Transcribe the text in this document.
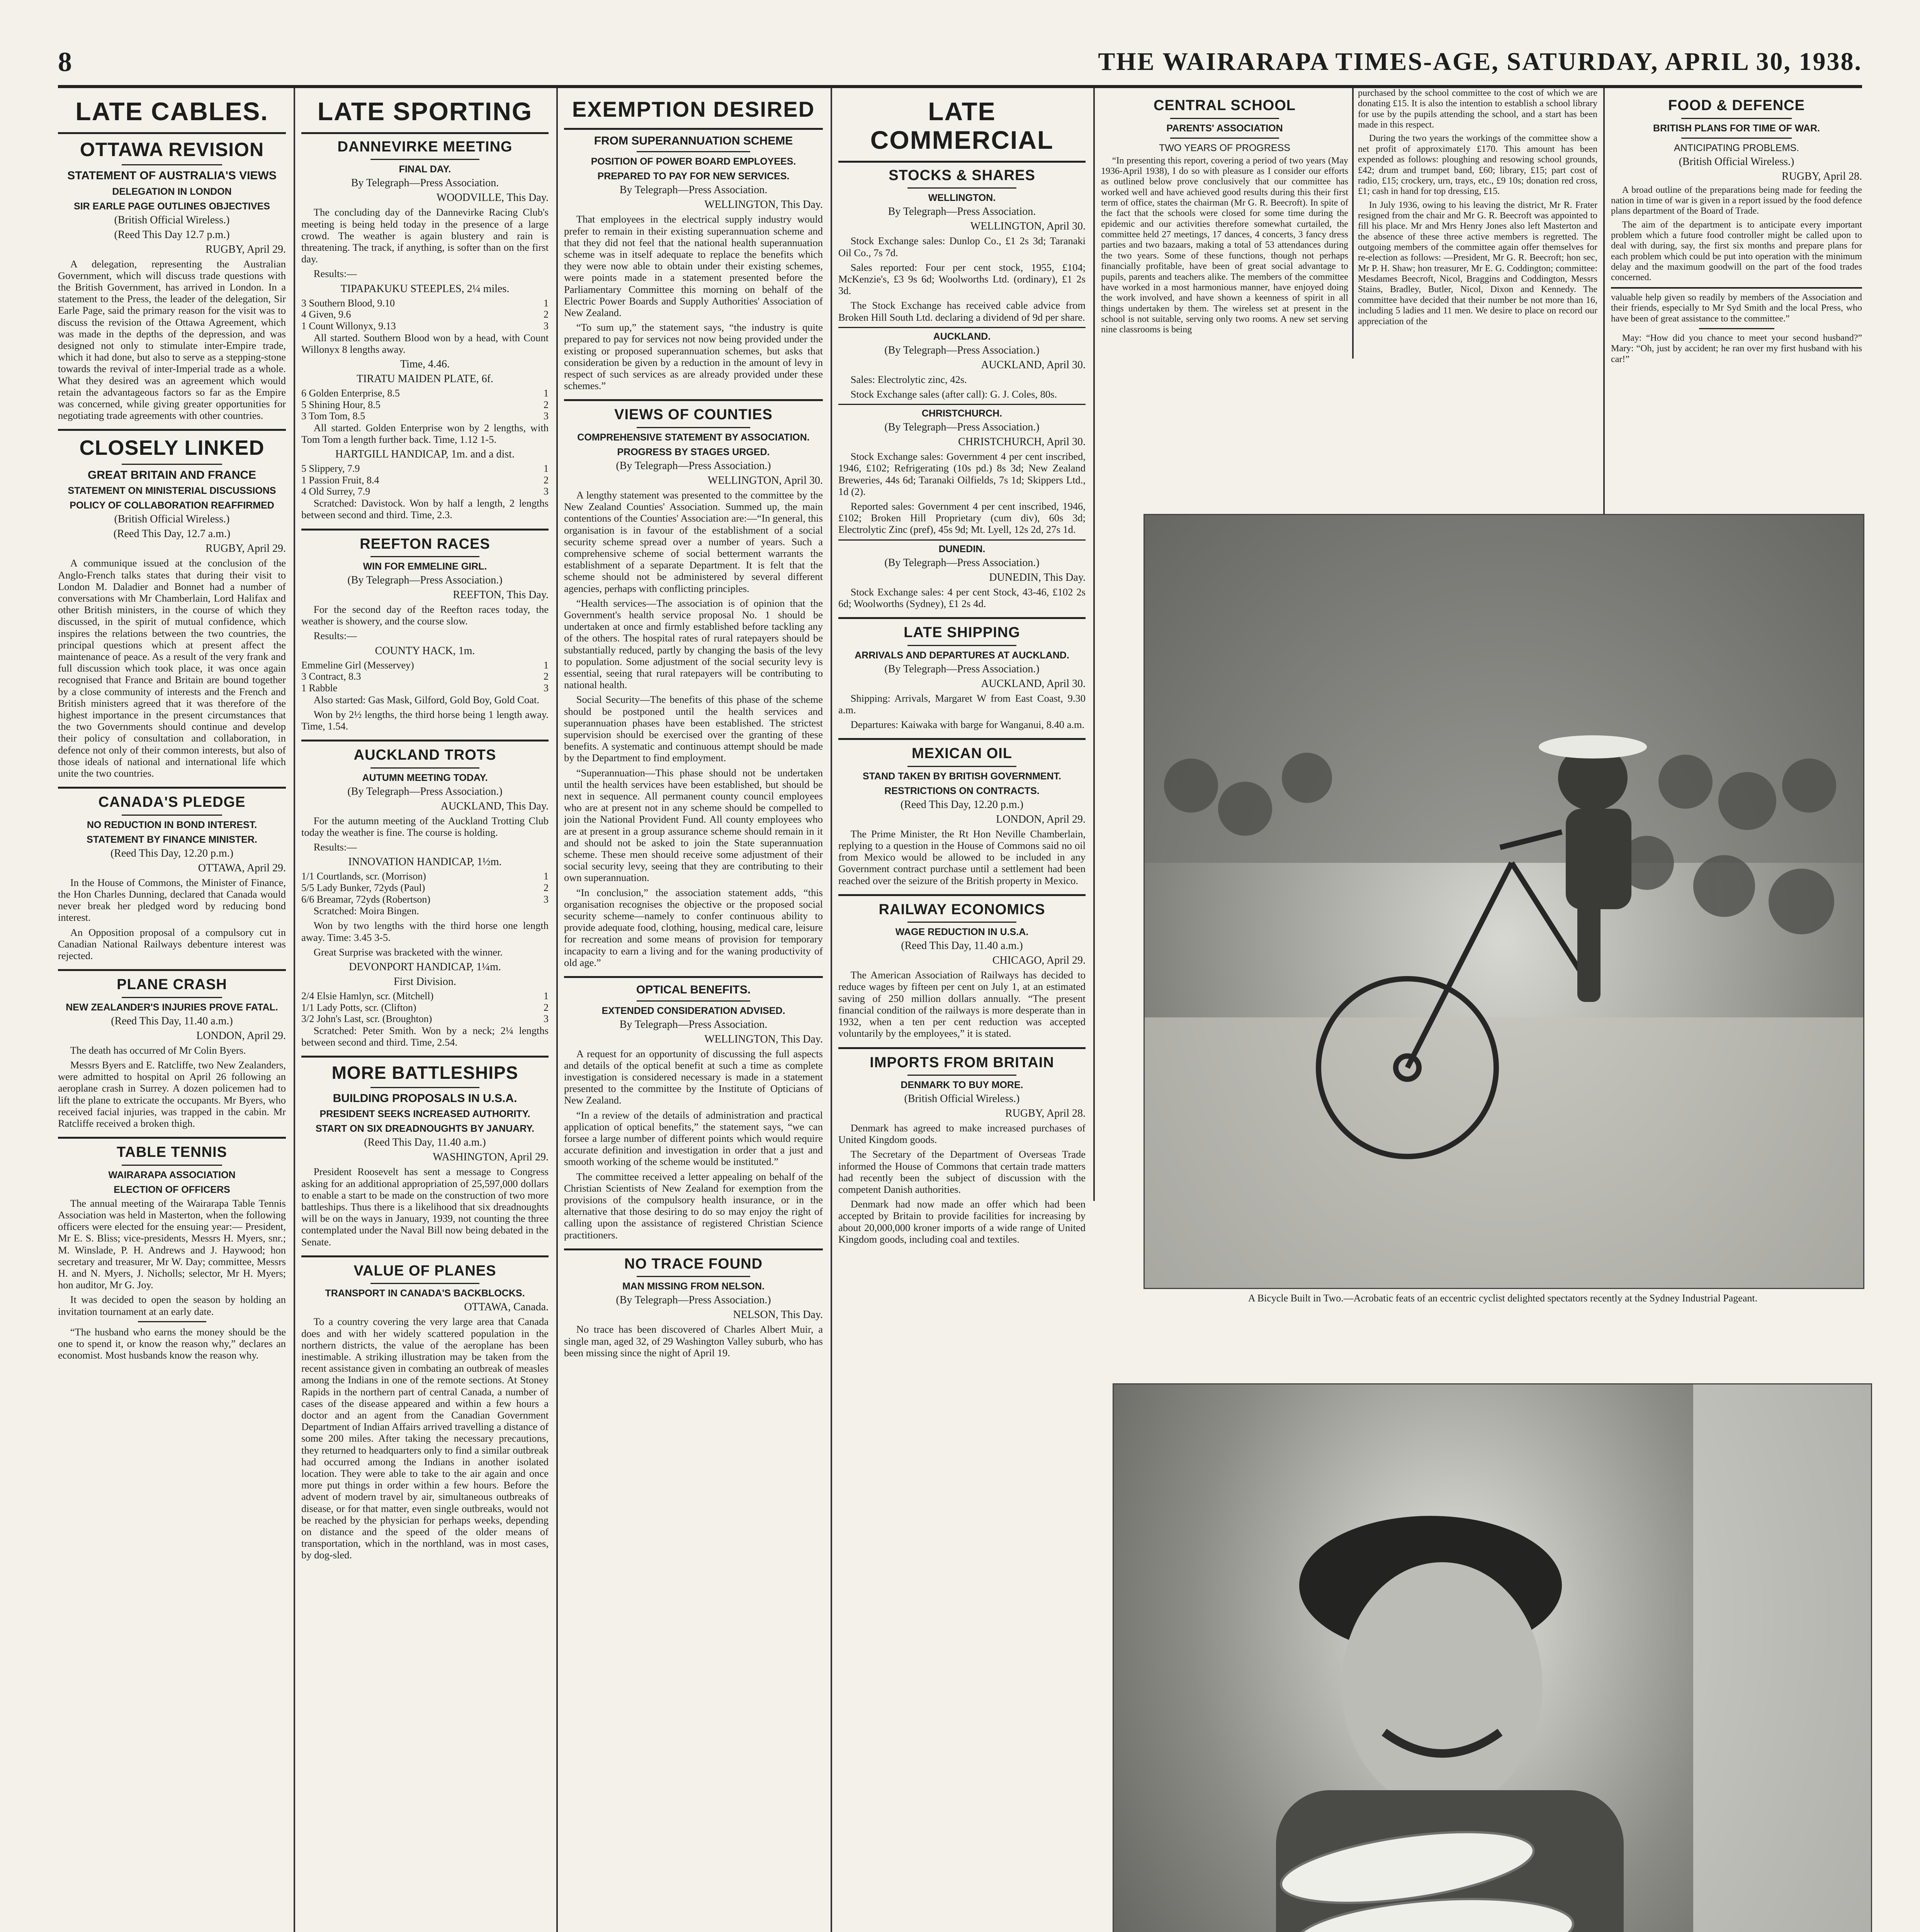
8	THE WAIRARAPA TIMES-AGE, SATURDAY, APRIL 30, 1938.
LATE CABLES.
OTTAWA REVISION
STATEMENT OF AUSTRALIA'S VIEWS
DELEGATION IN LONDON
SIR EARLE PAGE OUTLINES OBJECTIVES
(British Official Wireless.)
(Reed This Day 12.7 p.m.)
RUGBY, April 29.

A delegation, representing the Australian Government, which will discuss trade questions with the British Government, has arrived in London. In a statement to the Press, the leader of the delegation, Sir Earle Page, said the primary reason for the visit was to discuss the revision of the Ottawa Agreement, which was made in the depths of the depression, and was designed not only to stimulate inter-Empire trade, which it had done, but also to serve as a stepping-stone towards the revival of inter-Imperial trade as a whole. What they desired was an agreement which would retain the advantageous factors so far as the Empire was concerned, while giving greater opportunities for negotiating trade agreements with other countries.

CLOSELY LINKED
GREAT BRITAIN AND FRANCE
STATEMENT ON MINISTERIAL DISCUSSIONS
POLICY OF COLLABORATION REAFFIRMED
(British Official Wireless.)
(Reed This Day, 12.7 a.m.)
RUGBY, April 29.

A communique issued at the conclusion of the Anglo-French talks states that during their visit to London M. Daladier and Bonnet had a number of conversations with Mr Chamberlain, Lord Halifax and other British ministers, in the course of which they discussed, in the spirit of mutual confidence, which inspires the relations between the two countries, the principal questions which at present affect the maintenance of peace. As a result of the very frank and full discussion which took place, it was once again recognised that France and Britain are bound together by a close community of interests and the French and British ministers agreed that it was therefore of the highest importance in the present circumstances that the two Governments should continue and develop their policy of consultation and collaboration, in defence not only of their common interests, but also of those ideals of national and international life which unite the two countries.

CANADA'S PLEDGE
NO REDUCTION IN BOND INTEREST.
STATEMENT BY FINANCE MINISTER.
(Reed This Day, 12.20 p.m.)
OTTAWA, April 29.

In the House of Commons, the Minister of Finance, the Hon Charles Dunning, declared that Canada would never break her pledged word by reducing bond interest.

An Opposition proposal of a compulsory cut in Canadian National Railways debenture interest was rejected.

PLANE CRASH
NEW ZEALANDER'S INJURIES PROVE FATAL.
(Reed This Day, 11.40 a.m.)
LONDON, April 29.

The death has occurred of Mr Colin Byers.

Messrs Byers and E. Ratcliffe, two New Zealanders, were admitted to hospital on April 26 following an aeroplane crash in Surrey. A dozen policemen had to lift the plane to extricate the occupants. Mr Byers, who received facial injuries, was trapped in the cabin. Mr Ratcliffe received a broken thigh.

TABLE TENNIS
WAIRARAPA ASSOCIATION
ELECTION OF OFFICERS

The annual meeting of the Wairarapa Table Tennis Association was held in Masterton, when the following officers were elected for the ensuing year:— President, Mr E. S. Bliss; vice-presidents, Messrs H. Myers, snr.; M. Winslade, P. H. Andrews and J. Haywood; hon secretary and treasurer, Mr W. Day; committee, Messrs H. and N. Myers, J. Nicholls; selector, Mr H. Myers; hon auditor, Mr G. Joy.

It was decided to open the season by holding an invitation tournament at an early date.

“The husband who earns the money should be the one to spend it, or know the reason why,” declares an economist. Most husbands know the reason why.

LATE SPORTING
DANNEVIRKE MEETING
FINAL DAY.
By Telegraph—Press Association.
WOODVILLE, This Day.

The concluding day of the Dannevirke Racing Club's meeting is being held today in the presence of a large crowd. The weather is again blustery and rain is threatening. The track, if anything, is softer than on the first day.

Results:—

TIPAPAKUKU STEEPLES, 2¼ miles.
3 Southern Blood, 9.10	1
4 Given, 9.6	2
1 Count Willonyx, 9.13	3

All started. Southern Blood won by a head, with Count Willonyx 8 lengths away.

Time, 4.46.
TIRATU MAIDEN PLATE, 6f.
6 Golden Enterprise, 8.5	1
5 Shining Hour, 8.5	2
3 Tom Tom, 8.5	3

All started. Golden Enterprise won by 2 lengths, with Tom Tom a length further back. Time, 1.12 1-5.

HARTGILL HANDICAP, 1m. and a dist.
5 Slippery, 7.9	1
1 Passion Fruit, 8.4	2
4 Old Surrey, 7.9	3

Scratched: Davistock. Won by half a length, 2 lengths between second and third. Time, 2.3.

REEFTON RACES
WIN FOR EMMELINE GIRL.
(By Telegraph—Press Association.)
REEFTON, This Day.

For the second day of the Reefton races today, the weather is showery, and the course slow.

Results:—

COUNTY HACK, 1m.
Emmeline Girl (Messervey)	1
3 Contract, 8.3	2
1 Rabble	3

Also started: Gas Mask, Gilford, Gold Boy, Gold Coat.

Won by 2½ lengths, the third horse being 1 length away. Time, 1.54.

AUCKLAND TROTS
AUTUMN MEETING TODAY.
(By Telegraph—Press Association.)
AUCKLAND, This Day.

For the autumn meeting of the Auckland Trotting Club today the weather is fine. The course is holding.

Results:—

INNOVATION HANDICAP, 1½m.
1/1 Courtlands, scr. (Morrison)	1
5/5 Lady Bunker, 72yds (Paul)	2
6/6 Breamar, 72yds (Robertson)	3

Scratched: Moira Bingen.

Won by two lengths with the third horse one length away. Time: 3.45 3-5.

Great Surprise was bracketed with the winner.

DEVONPORT HANDICAP, 1¼m.
First Division.
2/4 Elsie Hamlyn, scr. (Mitchell)	1
1/1 Lady Potts, scr. (Clifton)	2
3/2 John's Last, scr. (Broughton)	3

Scratched: Peter Smith. Won by a neck; 2¼ lengths between second and third. Time, 2.54.

MORE BATTLESHIPS
BUILDING PROPOSALS IN U.S.A.
PRESIDENT SEEKS INCREASED AUTHORITY.
START ON SIX DREADNOUGHTS BY JANUARY.
(Reed This Day, 11.40 a.m.)
WASHINGTON, April 29.

President Roosevelt has sent a message to Congress asking for an additional appropriation of 25,597,000 dollars to enable a start to be made on the construction of two more battleships. Thus there is a likelihood that six dreadnoughts will be on the ways in January, 1939, not counting the three contemplated under the Naval Bill now being debated in the Senate.

VALUE OF PLANES
TRANSPORT IN CANADA'S BACKBLOCKS.
OTTAWA, Canada.

To a country covering the very large area that Canada does and with her widely scattered population in the northern districts, the value of the aeroplane has been inestimable. A striking illustration may be taken from the recent assistance given in combating an outbreak of measles among the Indians in one of the remote sections. At Stoney Rapids in the northern part of central Canada, a number of cases of the disease appeared and within a few hours a doctor and an agent from the Canadian Government Department of Indian Affairs arrived travelling a distance of some 200 miles. After taking the necessary precautions, they returned to headquarters only to find a similar outbreak had occurred among the Indians in another isolated location. They were able to take to the air again and once more put things in order within a few hours. Before the advent of modern travel by air, simultaneous outbreaks of disease, or for that matter, even single outbreaks, would not be reached by the physician for perhaps weeks, depending on distance and the speed of the older means of transportation, which in the northland, was in most cases, by dog-sled.

EXEMPTION DESIRED
FROM SUPERANNUATION SCHEME
POSITION OF POWER BOARD EMPLOYEES.
PREPARED TO PAY FOR NEW SERVICES.
By Telegraph—Press Association.
WELLINGTON, This Day.

That employees in the electrical supply industry would prefer to remain in their existing superannuation scheme and that they did not feel that the national health superannuation scheme was in itself adequate to replace the benefits which they were now able to obtain under their existing schemes, were points made in a statement presented before the Parliamentary Committee this morning on behalf of the Electric Power Boards and Supply Authorities' Association of New Zealand.

“To sum up,” the statement says, “the industry is quite prepared to pay for services not now being provided under the existing or proposed superannuation schemes, but asks that consideration be given by a reduction in the amount of levy in respect of such services as are already provided under these schemes.”

VIEWS OF COUNTIES
COMPREHENSIVE STATEMENT BY ASSOCIATION.
PROGRESS BY STAGES URGED.
(By Telegraph—Press Association.)
WELLINGTON, April 30.

A lengthy statement was presented to the committee by the New Zealand Counties' Association. Summed up, the main contentions of the Counties' Association are:—“In general, this organisation is in favour of the establishment of a social security scheme spread over a number of years. Such a comprehensive scheme of social betterment warrants the establishment of a separate Department. It is felt that the scheme should not be administered by several different agencies, perhaps with conflicting principles.

“Health services—The association is of opinion that the Government's health service proposal No. 1 should be undertaken at once and firmly established before tackling any of the others. The hospital rates of rural ratepayers should be substantially reduced, partly by changing the basis of the levy to population. Some adjustment of the social security levy is essential, seeing that rural ratepayers will be contributing to national health.

Social Security—The benefits of this phase of the scheme should be postponed until the health services and superannuation phases have been established. The strictest supervision should be exercised over the granting of these benefits. A systematic and continuous attempt should be made by the Department to find employment.

“Superannuation—This phase should not be undertaken until the health services have been established, but should be next in sequence. All permanent county council employees who are at present not in any scheme should be compelled to join the National Provident Fund. All county employees who are at present in a group assurance scheme should remain in it and should not be asked to join the State superannuation scheme. These men should receive some adjustment of their social security levy, seeing that they are contributing to their own superannuation.

“In conclusion,” the association statement adds, “this organisation recognises the objective or the proposed social security scheme—namely to confer continuous ability to provide adequate food, clothing, housing, medical care, leisure for recreation and some means of provision for temporary incapacity to earn a living and for the waning productivity of old age.”

OPTICAL BENEFITS.
EXTENDED CONSIDERATION ADVISED.
By Telegraph—Press Association.
WELLINGTON, This Day.

A request for an opportunity of discussing the full aspects and details of the optical benefit at such a time as complete investigation is considered necessary is made in a statement presented to the committee by the Institute of Opticians of New Zealand.

“In a review of the details of administration and practical application of optical benefits,” the statement says, “we can forsee a large number of different points which would require accurate definition and investigation in order that a just and smooth working of the scheme would be instituted.”

The committee received a letter appealing on behalf of the Christian Scientists of New Zealand for exemption from the provisions of the compulsory health insurance, or in the alternative that those desiring to do so may enjoy the right of calling upon the assistance of registered Christian Science practitioners.

NO TRACE FOUND
MAN MISSING FROM NELSON.
(By Telegraph—Press Association.)
NELSON, This Day.

No trace has been discovered of Charles Albert Muir, a single man, aged 32, of 29 Washington Valley suburb, who has been missing since the night of April 19.

LATE COMMERCIAL
STOCKS & SHARES
WELLINGTON.
By Telegraph—Press Association.
WELLINGTON, April 30.

Stock Exchange sales: Dunlop Co., £1 2s 3d; Taranaki Oil Co., 7s 7d.

Sales reported: Four per cent stock, 1955, £104; McKenzie's, £3 9s 6d; Woolworths Ltd. (ordinary), £1 2s 3d.

The Stock Exchange has received cable advice from Broken Hill South Ltd. declaring a dividend of 9d per share.

AUCKLAND.
(By Telegraph—Press Association.)
AUCKLAND, April 30.

Sales: Electrolytic zinc, 42s.

Stock Exchange sales (after call): G. J. Coles, 80s.

CHRISTCHURCH.
(By Telegraph—Press Association.)
CHRISTCHURCH, April 30.

Stock Exchange sales: Government 4 per cent inscribed, 1946, £102; Refrigerating (10s pd.) 8s 3d; New Zealand Breweries, 44s 6d; Taranaki Oilfields, 7s 1d; Skippers Ltd., 1d (2).

Reported sales: Government 4 per cent inscribed, 1946, £102; Broken Hill Proprietary (cum div), 60s 3d; Electrolytic Zinc (pref), 45s 9d; Mt. Lyell, 12s 2d, 27s 1d.

DUNEDIN.
(By Telegraph—Press Association.)
DUNEDIN, This Day.

Stock Exchange sales: 4 per cent Stock, 43-46, £102 2s 6d; Woolworths (Sydney), £1 2s 4d.

LATE SHIPPING
ARRIVALS AND DEPARTURES AT AUCKLAND.
(By Telegraph—Press Association.)
AUCKLAND, April 30.

Shipping: Arrivals, Margaret W from East Coast, 9.30 a.m.

Departures: Kaiwaka with barge for Wanganui, 8.40 a.m.

MEXICAN OIL
STAND TAKEN BY BRITISH GOVERNMENT.
RESTRICTIONS ON CONTRACTS.
(Reed This Day, 12.20 p.m.)
LONDON, April 29.

The Prime Minister, the Rt Hon Neville Chamberlain, replying to a question in the House of Commons said no oil from Mexico would be allowed to be included in any Government contract purchase until a settlement had been reached over the seizure of the British property in Mexico.

RAILWAY ECONOMICS
WAGE REDUCTION IN U.S.A.
(Reed This Day, 11.40 a.m.)
CHICAGO, April 29.

The American Association of Railways has decided to reduce wages by fifteen per cent on July 1, at an estimated saving of 250 million dollars annually. “The present financial condition of the railways is more desperate than in 1932, when a ten per cent reduction was accepted voluntarily by the employees,” it is stated.

IMPORTS FROM BRITAIN
DENMARK TO BUY MORE.
(British Official Wireless.)
RUGBY, April 28.

Denmark has agreed to make increased purchases of United Kingdom goods.

The Secretary of the Department of Overseas Trade informed the House of Commons that certain trade matters had recently been the subject of discussion with the competent Danish authorities.

Denmark had now made an offer which had been accepted by Britain to provide facilities for increasing by about 20,000,000 kroner imports of a wide range of United Kingdom goods, including coal and textiles.

CENTRAL SCHOOL
PARENTS' ASSOCIATION
TWO YEARS OF PROGRESS

“In presenting this report, covering a period of two years (May 1936-April 1938), I do so with pleasure as I consider our efforts as outlined below prove conclusively that our committee has worked well and have achieved good results during this their first term of office, states the chairman (Mr G. R. Beecroft). In spite of the fact that the schools were closed for some time during the epidemic and our activities therefore somewhat curtailed, the committee held 27 meetings, 17 dances, 4 concerts, 3 fancy dress parties and two bazaars, making a total of 53 attendances during the two years. Some of these functions, though not perhaps financially profitable, have been of great social advantage to pupils, parents and teachers alike. The members of the committee have worked in a most harmonious manner, have enjoyed doing the work involved, and have shown a keenness of spirit in all things undertaken by them. The wireless set at present in the school is not suitable, serving only two rooms. A new set serving nine classrooms is being

purchased by the school committee to the cost of which we are donating £15. It is also the intention to establish a school library for use by the pupils attending the school, and a start has been made in this respect.

During the two years the workings of the committee show a net profit of approximately £170. This amount has been expended as follows: ploughing and resowing school grounds, £42; drum and trumpet band, £60; library, £15; part cost of radio, £15; crockery, urn, trays, etc., £9 10s; donation red cross, £1; cash in hand for top dressing, £15.

In July 1936, owing to his leaving the district, Mr R. Frater resigned from the chair and Mr G. R. Beecroft was appointed to fill his place. Mr and Mrs Henry Jones also left Masterton and the absence of these three active members is regretted. The outgoing members of the committee again offer themselves for re-election as follows: —President, Mr G. R. Beecroft; hon sec, Mr P. H. Shaw; hon treasurer, Mr E. G. Coddington; committee: Mesdames Beecroft, Nicol, Braggins and Coddington, Messrs Stains, Bradley, Butler, Nicol, Dixon and Kennedy. The committee have decided that their number be not more than 16, including 5 ladies and 11 men. We desire to place on record our appreciation of the

FOOD & DEFENCE
BRITISH PLANS FOR TIME OF WAR.
ANTICIPATING PROBLEMS.
(British Official Wireless.)
RUGBY, April 28.

A broad outline of the preparations being made for feeding the nation in time of war is given in a report issued by the food defence plans department of the Board of Trade.

The aim of the department is to anticipate every important problem which a future food controller might be called upon to deal with during, say, the first six months and prepare plans for each problem which could be put into operation with the minimum delay and the maximum goodwill on the part of the food trades concerned.

valuable help given so readily by members of the Association and their friends, especially to Mr Syd Smith and the local Press, who have been of great assistance to the committee.”

May: “How did you chance to meet your second husband?” Mary: “Oh, just by accident; he ran over my first husband with his car!”

A Bicycle Built in Two.—Acrobatic feats of an eccentric cyclist delighted spectators recently at the Sydney Industrial Pageant.
